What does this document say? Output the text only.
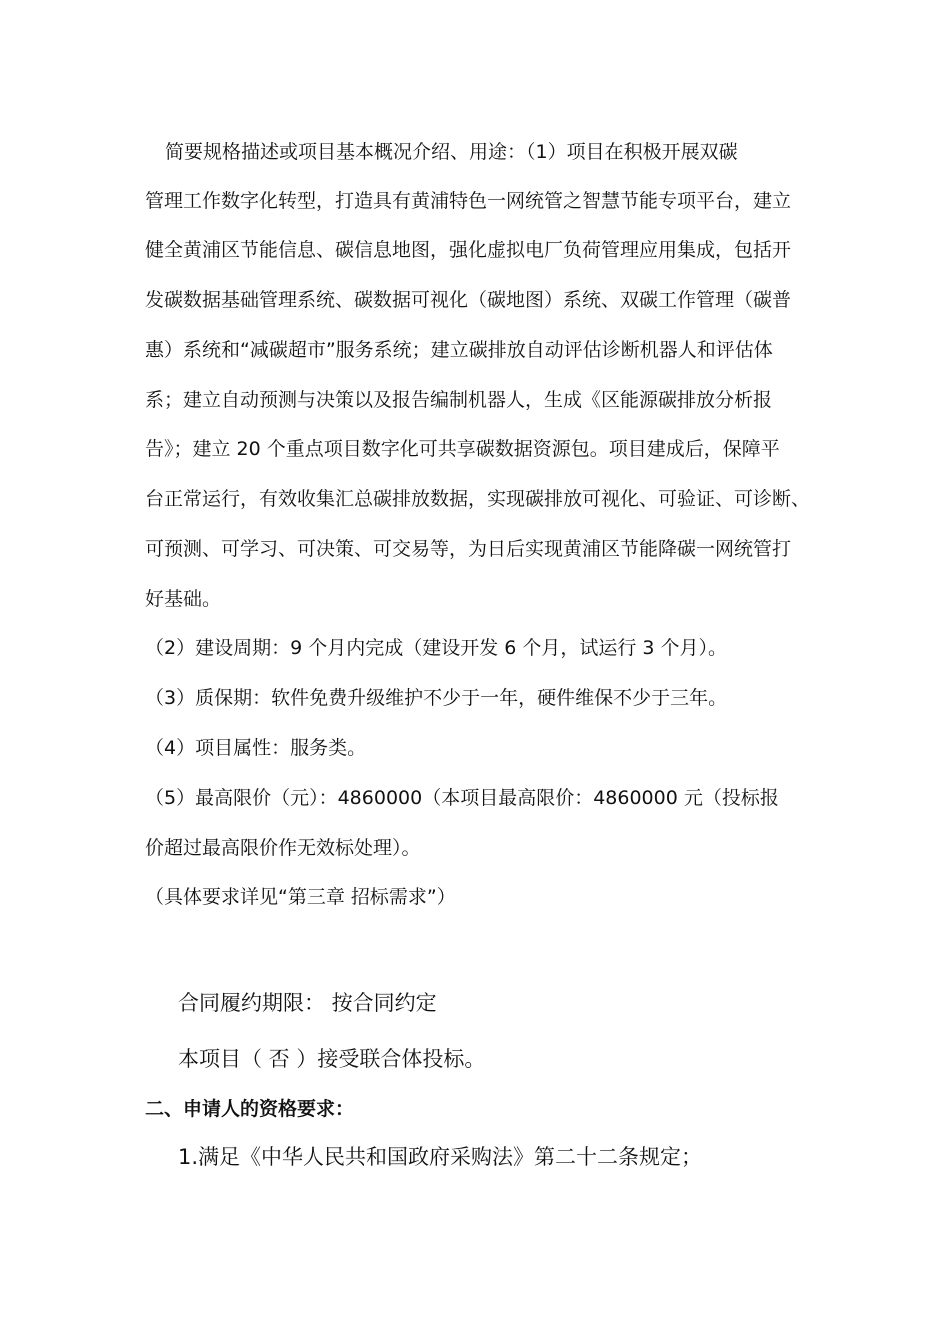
简要规格描述或项目基本概况介绍、用途：（1）项目在积极开展双碳
管理工作数字化转型，打造具有黄浦特色一网统管之智慧节能专项平台，建立
健全黄浦区节能信息、碳信息地图，强化虚拟电厂负荷管理应用集成，包括开
发碳数据基础管理系统、碳数据可视化（碳地图）系统、双碳工作管理（碳普
惠）系统和“减碳超市”服务系统；建立碳排放自动评估诊断机器人和评估体
系；建立自动预测与决策以及报告编制机器人，生成《区能源碳排放分析报
告》；建立 20 个重点项目数字化可共享碳数据资源包。项目建成后，保障平
台正常运行，有效收集汇总碳排放数据，实现碳排放可视化、可验证、可诊断、
可预测、可学习、可决策、可交易等，为日后实现黄浦区节能降碳一网统管打
好基础。
（2）建设周期：9 个月内完成（建设开发 6 个月，试运行 3 个月）。
（3）质保期：软件免费升级维护不少于一年，硬件维保不少于三年。
（4）项目属性：服务类。
（5）最高限价（元）：4860000（本项目最高限价：4860000 元（投标报
价超过最高限价作无效标处理）。
（具体要求详见“第三章 招标需求”）
合同履约期限： 按合同约定
本项目（ 否 ）接受联合体投标。
二、申请人的资格要求：
1.满足《中华人民共和国政府采购法》第二十二条规定；
